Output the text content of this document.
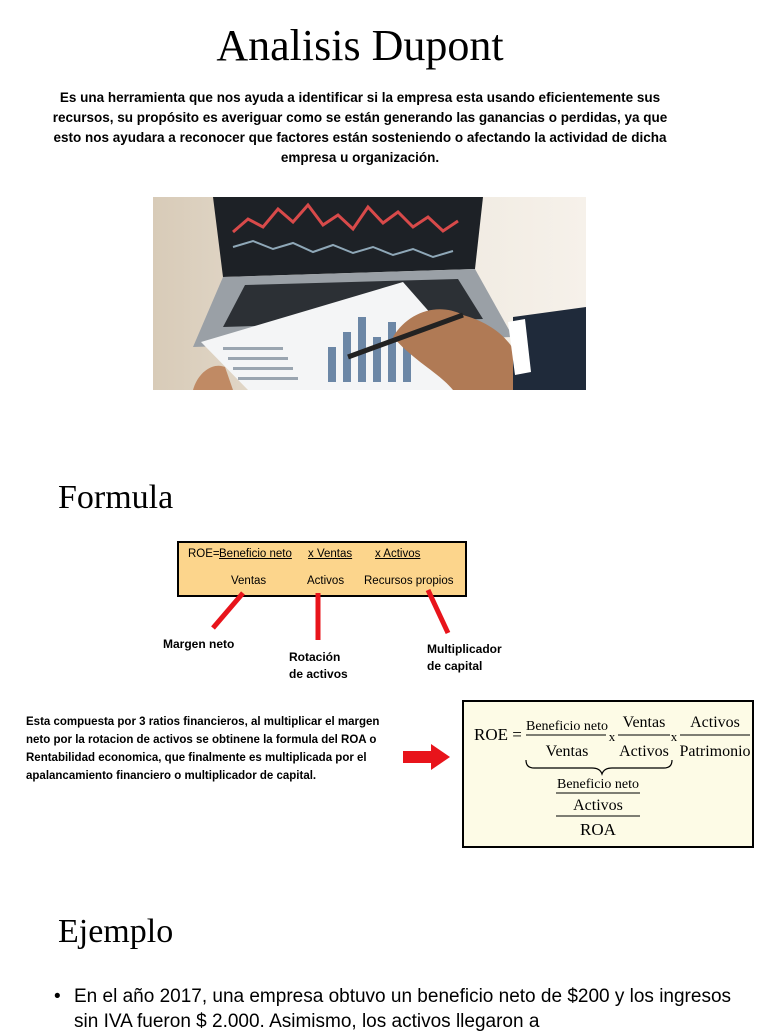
Analisis Dupont
Es una herramienta que nos ayuda a identificar si la empresa esta usando eficientemente sus recursos, su propósito es averiguar como se están generando las ganancias o perdidas, ya que esto nos ayudara a reconocer que factores están sosteniendo o afectando la actividad de dicha empresa u organización.
Formula
ROE= Beneficio neto x Ventas x Activos
Ventas	Activos Recursos propios
Margen neto
Rotación
de activos
Multiplicador
de capital
Esta compuesta por 3 ratios financieros, al multiplicar el margen neto por la rotacion de activos se obtinene la formula del ROA o Rentabilidad economica, que finalmente es multiplicada por el apalancamiento financiero o multiplicador de capital.
ROE = Beneficio neto
Ventas
x
Ventas
Activos
x
Activos
Patrimonio
Beneficio neto
Activos
ROA
Ejemplo
• En el año 2017, una empresa obtuvo un beneficio neto de $200 y los ingresos sin IVA fueron $ 2.000. Asimismo, los activos llegaron a
